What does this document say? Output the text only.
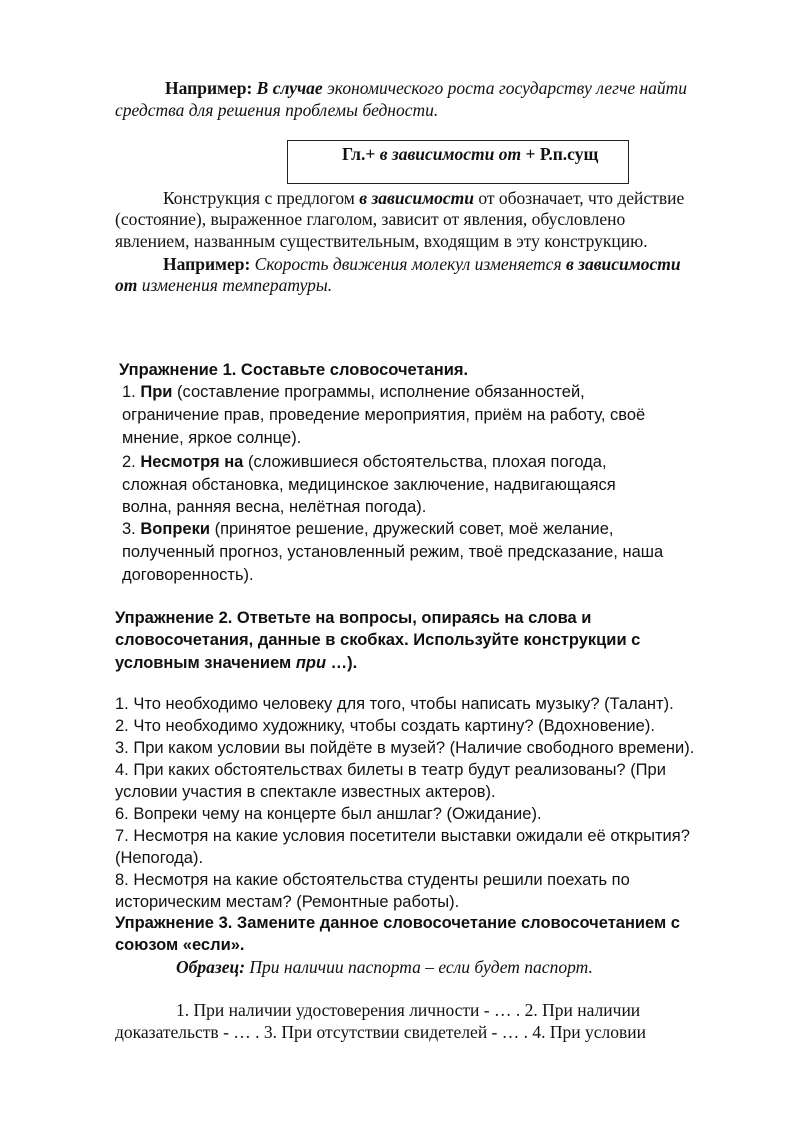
Например: В случае экономического роста государству легче найти
средства для решения проблемы бедности.
Гл.+ в зависимости от + Р.п.сущ
Конструкция с предлогом в зависимости от обозначает, что действие
(состояние), выраженное глаголом, зависит от явления, обусловлено
явлением, названным существительным, входящим в эту конструкцию.
Например: Скорость движения молекул изменяется в зависимости
от изменения температуры.
Упражнение 1. Составьте словосочетания.
1. При (составление программы, исполнение обязанностей,
ограничение прав, проведение мероприятия, приём на работу, своё
мнение, яркое солнце).
2. Несмотря на (сложившиеся обстоятельства, плохая погода,
сложная обстановка, медицинское заключение, надвигающаяся
волна, ранняя весна, нелётная погода).
3. Вопреки (принятое решение, дружеский совет, моё желание,
полученный прогноз, установленный режим, твоё предсказание, наша
договоренность).
Упражнение 2. Ответьте на вопросы, опираясь на слова и
словосочетания, данные в скобках. Используйте конструкции с
условным значением при …).
1. Что необходимо человеку для того, чтобы написать музыку? (Талант).
2. Что необходимо художнику, чтобы создать картину? (Вдохновение).
3. При каком условии вы пойдёте в музей? (Наличие свободного времени).
4. При каких обстоятельствах билеты в театр будут реализованы? (При
условии участия в спектакле известных актеров).
6. Вопреки чему на концерте был аншлаг? (Ожидание).
7. Несмотря на какие условия посетители выставки ожидали её открытия?
(Непогода).
8. Несмотря на какие обстоятельства студенты решили поехать по
историческим местам? (Ремонтные работы).
Упражнение 3. Замените данное словосочетание словосочетанием с
союзом «если».
Образец: При наличии паспорта – если будет паспорт.
1. При наличии удостоверения личности - … . 2. При наличии
доказательств - … . 3. При отсутствии свидетелей - … . 4. При условии
